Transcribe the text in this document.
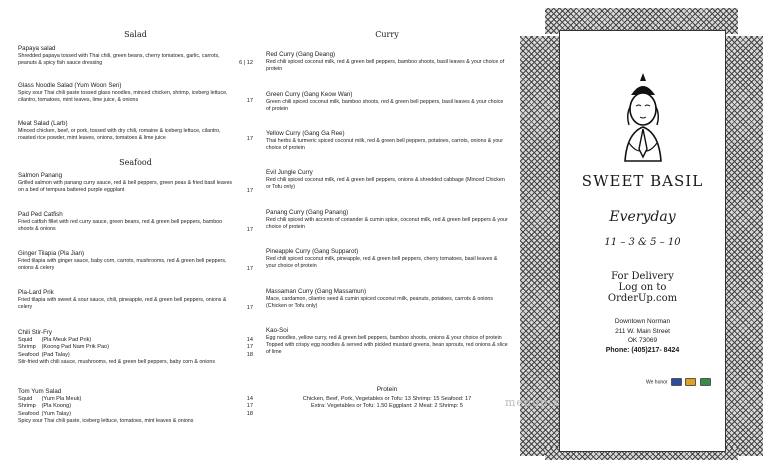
Salad
Papaya salad
Shredded papaya tossed with Thai chili, green beans, cherry tomatoes, garlic, carrots, peanuts & spicy fish sauce dressing	6 | 12
Glass Noodle Salad (Yum Woon Sen)
Spicy sour Thai chili paste tossed glass noodles, minced chicken, shrimp, iceberg lettuce, cilantro, tomatoes, mint leaves, lime juice, & onions	17
Meat Salad (Larb)
Minced chicken, beef, or pork, tossed with dry chili, romaine & iceberg lettuce, cilantro, roasted rice powder, mint leaves, onions, tomatoes & lime juice	17
Seafood
Salmon Panang
Grilled salmon with panang curry sauce, red & bell peppers, green peas & fried basil leaves on a bed of tempura battered purple eggplant	17
Pad Ped Catfish
Fried catfish fillet with red curry sauce, green beans, red & green bell peppers, bamboo shoots & onions	17
Ginger Tilapia (Pla Jian)
Fried tilapia with ginger sauce, baby corn, carrots, mushrooms, red & green bell peppers, onions & celery	17
Pla-Lard Prik
Fried tilapia with sweet & sour sauce, chili, pineapple, red & green bell peppers, onions & celery	17
Chili Stir-Fry
Squid (Pla Meuk Pad Prik)	14
Shrimp (Koong Pad Nam Prik Pao)	17
Seafood (Pad Talay)	18
Stir-fried with chili sauce, mushrooms, red & green bell peppers, baby corn & onions
Tom Yum Salad
Squid (Yum Pla Meuk)	14
Shrimp (Pla Koong)	17
Seafood (Yum Talay)	18
Spicy sour Thai chili paste, iceberg lettuce, tomatoes, mint leaves & onions
Curry
Red Curry (Gang Deang)
Red chili spiced coconut milk, red & green bell peppers, bamboo shoots, basil leaves & your choice of protein
Green Curry (Gang Keow Wan)
Green chili spiced coconut milk, bamboo shoots, red & green bell peppers, basil leaves & your choice of protein
Yellow Curry (Gang Ga Ree)
Thai herbs & turmeric spiced coconut milk, red & green bell peppers, potatoes, carrots, onions & your choice of protein
Evil Jungle Curry
Red chili spiced coconut milk, red & green bell peppers, onions & shredded cabbage (Minced Chicken or Tofu only)
Panang Curry (Gang Panang)
Red chili spiced with accents of coriander & cumin spice, coconut milk, red & green bell peppers & your choice of protein
Pineapple Curry (Gang Supparot)
Red chili spiced coconut milk, pineapple, red & green bell peppers, cherry tomatoes, basil leaves & your choice of protein
Massaman Curry (Gang Massamun)
Mace, cardamon, cilantro seed & cumin spiced coconut milk, peanuts, potatoes, carrots & onions (Chicken or Tofu only)
Kao-Soi
Egg noodles, yellow curry, red & green bell peppers, bamboo shoots, onions & your choice of protein Topped with crispy egg noodles & served with pickled mustard greens, bean sprouts, red onions & slice of lime
Protein
Chicken, Beef, Pork, Vegetables or Tofu: 13 Shrimp: 15 Seafood: 17
Extra: Vegetables or Tofu: 1.50 Eggplant: 2 Meat: 2 Shrimp: 5
SWEET BASIL
Everyday
11 – 3 & 5 – 10
For Delivery
Log on to
OrderUp.com
Downtown Norman
211 W. Main Street
OK 73069
Phone: (405)217- 8424
We honor
menupix
